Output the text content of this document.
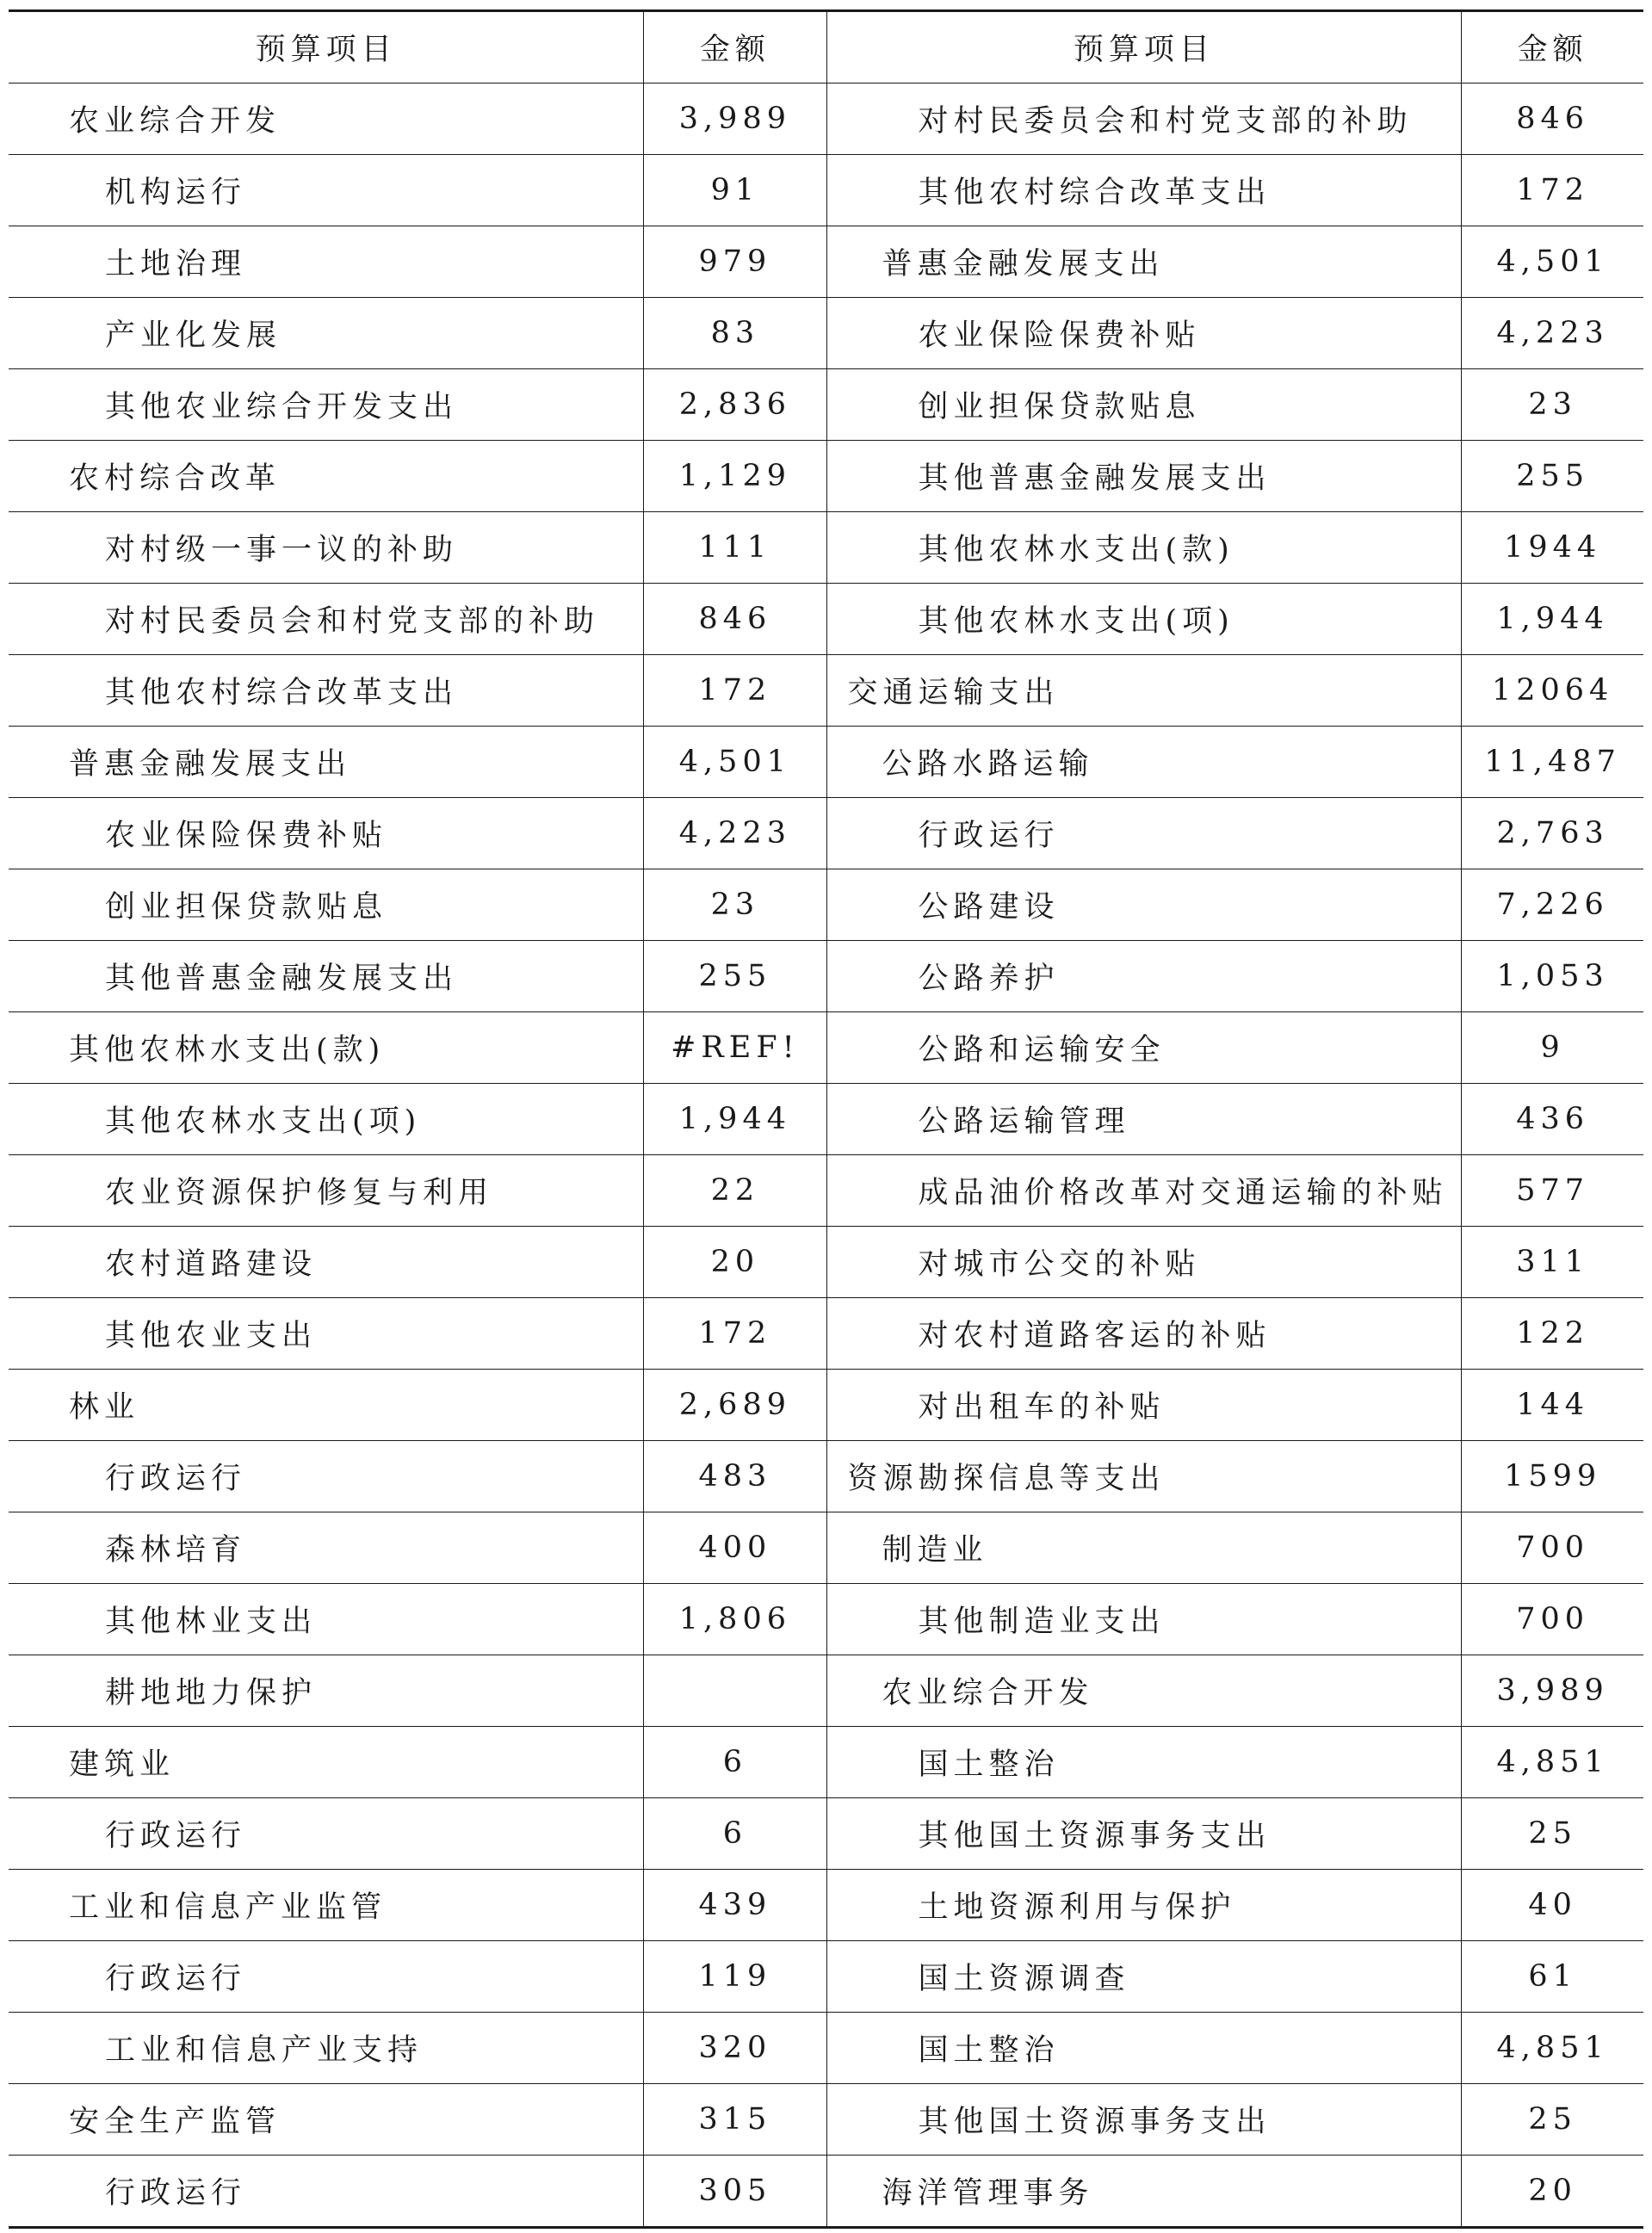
预算项目	金额	预算项目	金额
农业综合开发	3,989	对村民委员会和村党支部的补助	846
机构运行	91	其他农村综合改革支出	172
土地治理	979	普惠金融发展支出	4,501
产业化发展	83	农业保险保费补贴	4,223
其他农业综合开发支出	2,836	创业担保贷款贴息	23
农村综合改革	1,129	其他普惠金融发展支出	255
对村级一事一议的补助	111	其他农林水支出(款)	1944
对村民委员会和村党支部的补助	846	其他农林水支出(项)	1,944
其他农村综合改革支出	172	交通运输支出	12064
普惠金融发展支出	4,501	公路水路运输	11,487
农业保险保费补贴	4,223	行政运行	2,763
创业担保贷款贴息	23	公路建设	7,226
其他普惠金融发展支出	255	公路养护	1,053
其他农林水支出(款)	#REF!	公路和运输安全	9
其他农林水支出(项)	1,944	公路运输管理	436
农业资源保护修复与利用	22	成品油价格改革对交通运输的补贴	577
农村道路建设	20	对城市公交的补贴	311
其他农业支出	172	对农村道路客运的补贴	122
林业	2,689	对出租车的补贴	144
行政运行	483	资源勘探信息等支出	1599
森林培育	400	制造业	700
其他林业支出	1,806	其他制造业支出	700
耕地地力保护		农业综合开发	3,989
建筑业	6	国土整治	4,851
行政运行	6	其他国土资源事务支出	25
工业和信息产业监管	439	土地资源利用与保护	40
行政运行	119	国土资源调查	61
工业和信息产业支持	320	国土整治	4,851
安全生产监管	315	其他国土资源事务支出	25
行政运行	305	海洋管理事务	20
